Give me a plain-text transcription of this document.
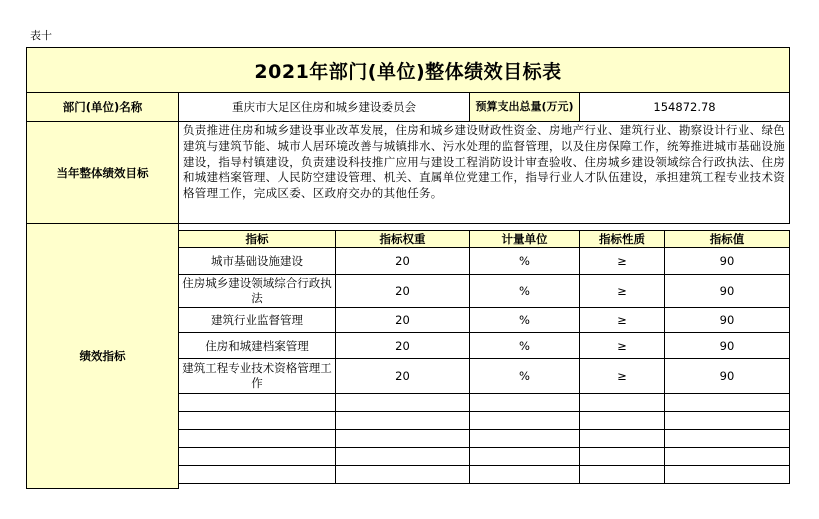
表十
2021年部门(单位)整体绩效目标表			
部门(单位)名称	重庆市大足区住房和城乡建设委员会	预算支出总量(万元)	154872.78
当年整体绩效目标	负责推进住房和城乡建设事业改革发展，住房和城乡建设财政性资金、房地产行业、建筑行业、勘察设计行业、绿色建筑与建筑节能、城市人居环境改善与城镇排水、污水处理的监督管理，以及住房保障工作，统筹推进城市基础设施建设，指导村镇建设，负责建设科技推广应用与建设工程消防设计审查验收、住房城乡建设领域综合行政执法、住房和城建档案管理、人民防空建设管理、机关、直属单位党建工作，指导行业人才队伍建设，承担建筑工程专业技术资格管理工作，完成区委、区政府交办的其他任务。		
绩效指标		
指标	指标权重	计量单位	指标性质	指标值
城市基础设施建设	20	%	≥	90
住房城乡建设领域综合行政执法	20	%	≥	90
建筑行业监督管理	20	%	≥	90
住房和城建档案管理	20	%	≥	90
建筑工程专业技术资格管理工作	20	%	≥	90
